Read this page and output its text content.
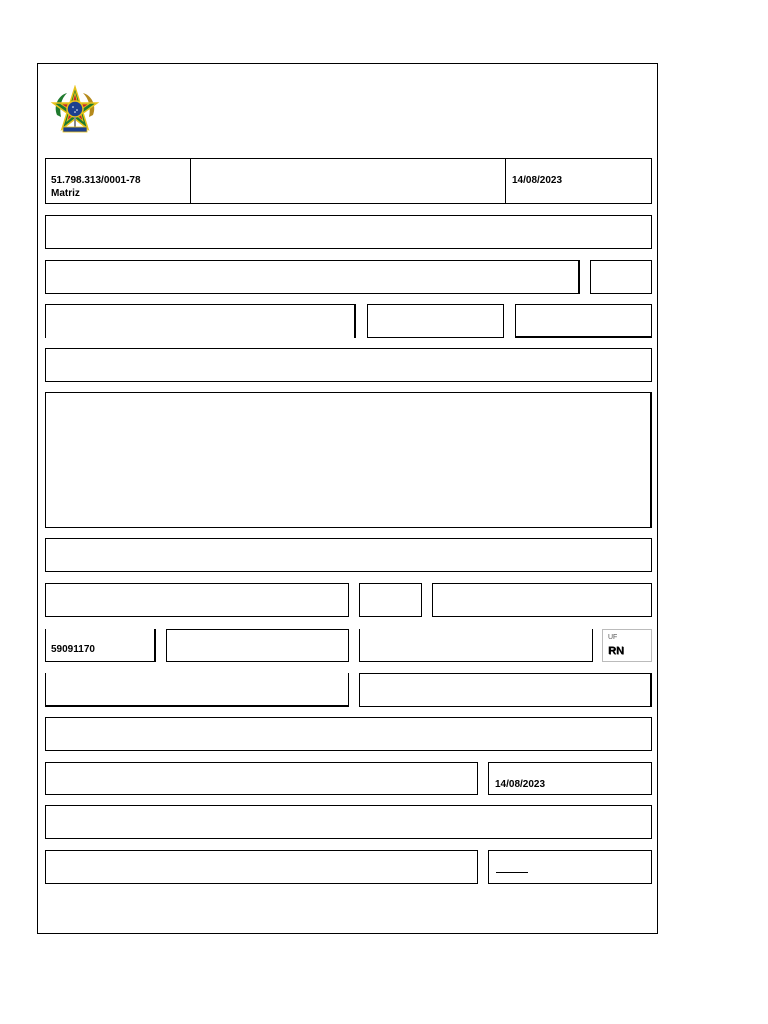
51.798.313/0001-78
Matriz
14/08/2023
59091170
UF
RN
14/08/2023
